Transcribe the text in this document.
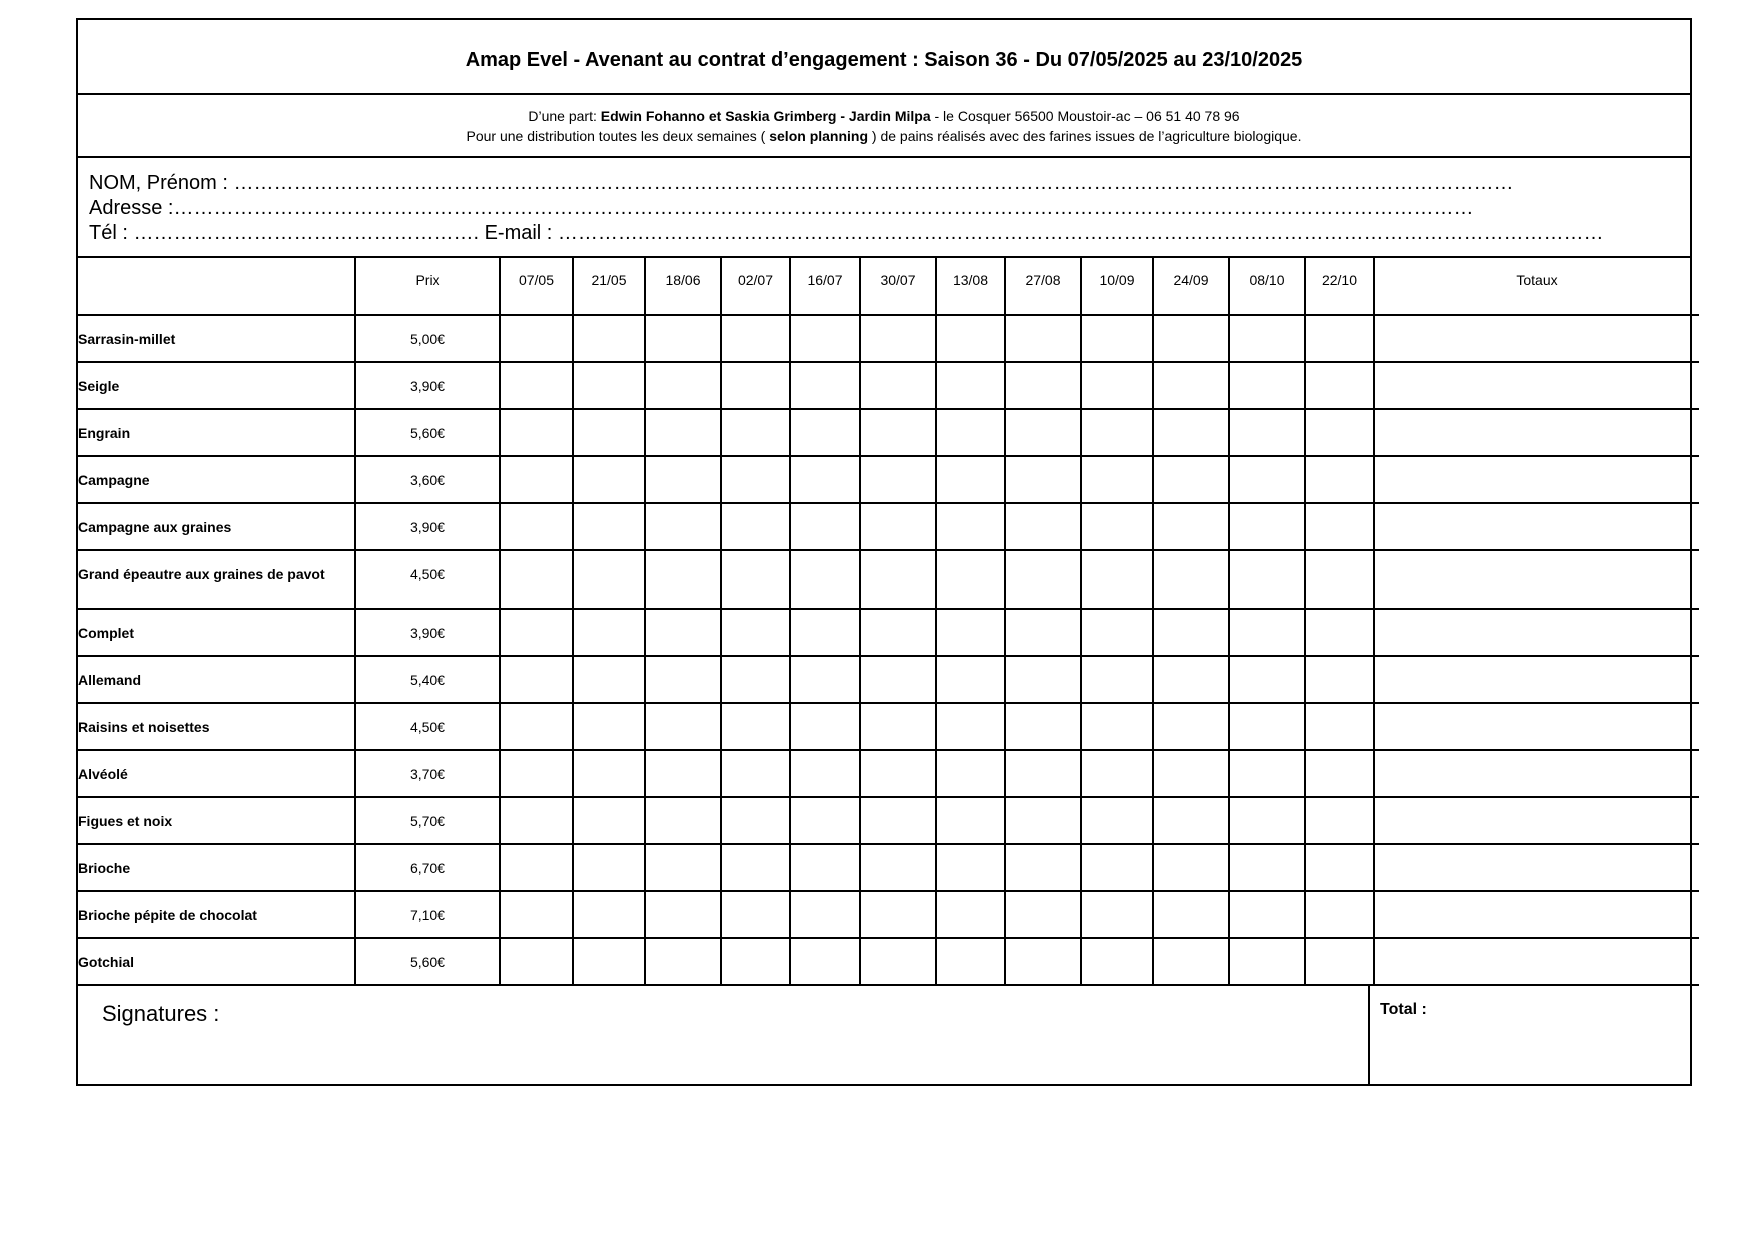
Amap Evel - Avenant au contrat d’engagement : Saison 36 - Du 07/05/2025 au 23/10/2025
D’une part: Edwin Fohanno et Saskia Grimberg - Jardin Milpa - le Cosquer 56500 Moustoir-ac – 06 51 40 78 96
Pour une distribution toutes les deux semaines ( selon planning ) de pains réalisés avec des farines issues de l’agriculture biologique.
NOM, Prénom : …………………………………………………………………………………………………………………………………………………………………………
Adresse :……………………………………………………………………………………………………………………………………………………………………………
Tél : ……………………………………………. E-mail : ………….………………………………………………………………………………………………………………………………
	Prix	07/05	21/05	18/06	02/07	16/07	30/07	13/08	27/08	10/09	24/09	08/10	22/10	Totaux
Sarrasin-millet	5,00€													
Seigle	3,90€													
Engrain	5,60€													
Campagne	3,60€													
Campagne aux graines	3,90€													
Grand épeautre aux graines de pavot	4,50€													
Complet	3,90€													
Allemand	5,40€													
Raisins et noisettes	4,50€													
Alvéolé	3,70€													
Figues et noix	5,70€													
Brioche	6,70€													
Brioche pépite de chocolat	7,10€													
Gotchial	5,60€													
Signatures :	Total :
